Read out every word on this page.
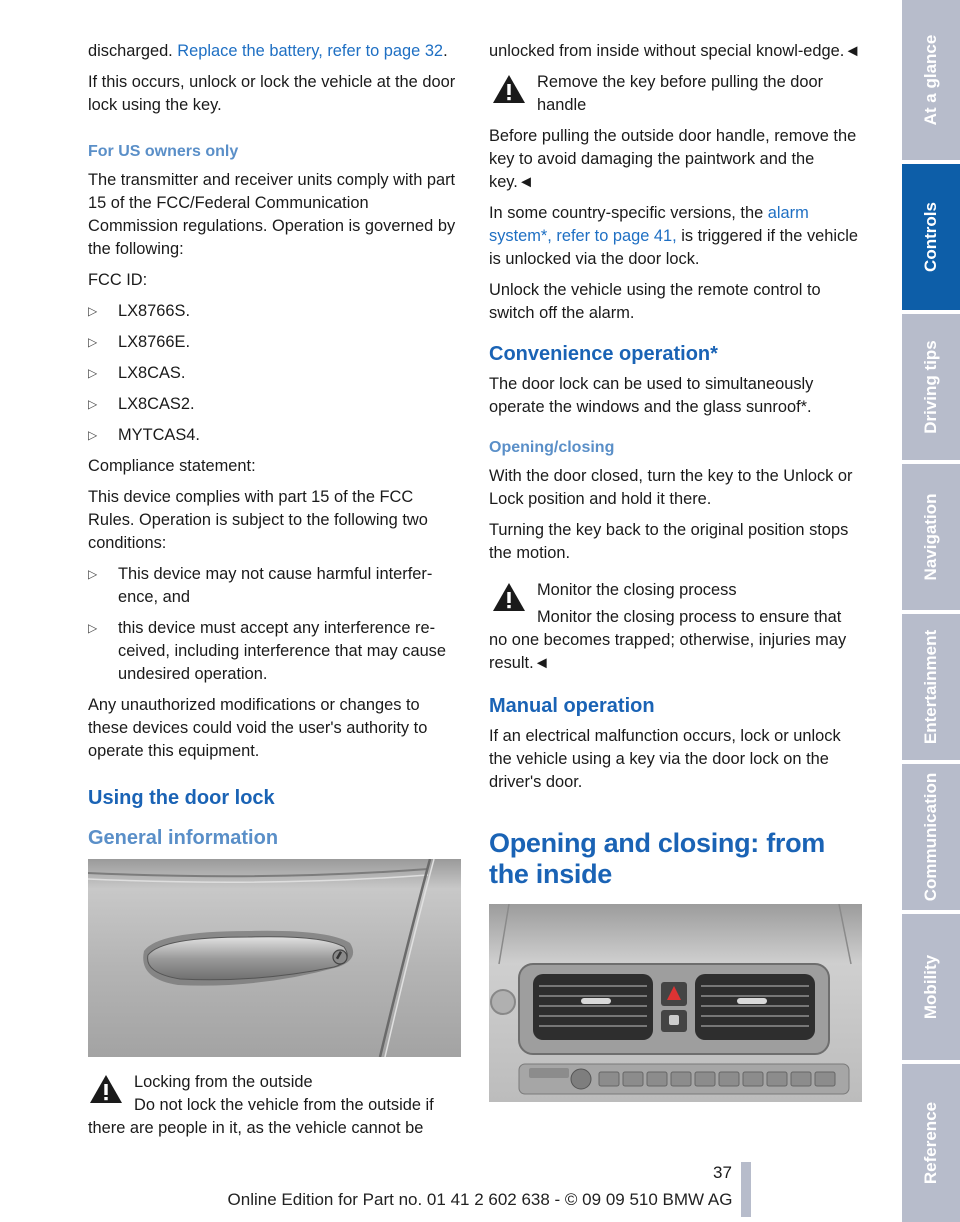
discharged. Replace the battery, refer to page 32.

If this occurs, unlock or lock the vehicle at the door lock using the key.

For US owners only

The transmitter and receiver units comply with part 15 of the FCC/Federal Communication Commission regulations. Operation is governed by the following:

FCC ID:

▷ LX8766S.
▷ LX8766E.
▷ LX8CAS.
▷ LX8CAS2.
▷ MYTCAS4.

Compliance statement:

This device complies with part 15 of the FCC Rules. Operation is subject to the following two conditions:

▷ This device may not cause harmful interfer-ence, and
▷ this device must accept any interference re-ceived, including interference that may cause undesired operation.

Any unauthorized modifications or changes to these devices could void the user's authority to operate this equipment.

Using the door lock
General information

Locking from the outside
Do not lock the vehicle from the outside if there are people in it, as the vehicle cannot be

unlocked from inside without special knowl-edge.◄

Remove the key before pulling the door handle

Before pulling the outside door handle, remove the key to avoid damaging the paintwork and the key.◄

In some country-specific versions, the alarm system*, refer to page 41, is triggered if the vehicle is unlocked via the door lock.

Unlock the vehicle using the remote control to switch off the alarm.

Convenience operation*

The door lock can be used to simultaneously operate the windows and the glass sunroof*.

Opening/closing

With the door closed, turn the key to the Unlock or Lock position and hold it there.

Turning the key back to the original position stops the motion.

Monitor the closing process
Monitor the closing process to ensure that no one becomes trapped; otherwise, injuries may result.◄

Manual operation

If an electrical malfunction occurs, lock or unlock the vehicle using a key via the door lock on the driver's door.

Opening and closing: from the inside
At a glance
Controls
Driving tips
Navigation
Entertainment
Communication
Mobility
Reference
37
Online Edition for Part no. 01 41 2 602 638 - © 09 09 510 BMW AG
